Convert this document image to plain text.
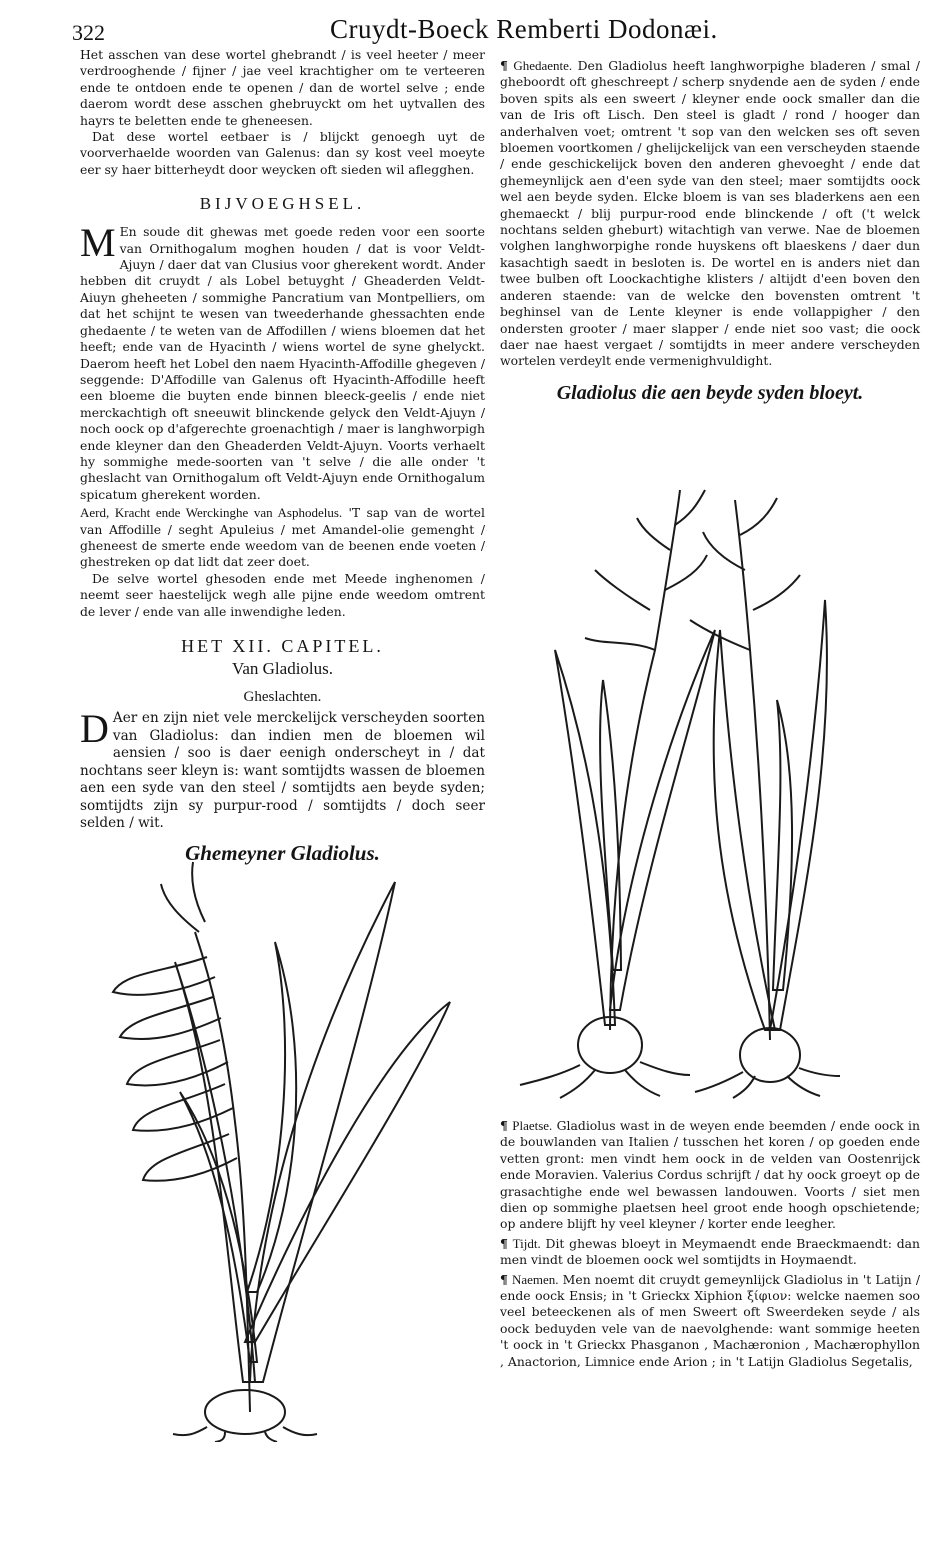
322	Cruydt-Boeck Remberti Dodonæi.

Het asschen van dese wortel ghebrandt / is veel heeter / meer verdrooghende / fijner / jae veel krachtigher om te verteeren ende te ontdoen ende te openen / dan de wortel selve ; ende daerom wordt dese asschen ghebruyckt om het uytvallen des hayrs te beletten ende te gheneesen.

Dat dese wortel eetbaer is / blijckt genoegh uyt de voorverhaelde woorden van Galenus: dan sy kost veel moeyte eer sy haer bitterheydt door weycken oft sieden wil aflegghen.

BIJVOEGHSEL.

M En soude dit ghewas met goede reden voor een soorte van Ornithogalum moghen houden / dat is voor Veldt-Ajuyn / daer dat van Clusius voor gherekent wordt. Ander hebben dit cruydt / als Lobel betuyght / Gheaderden Veldt-Aiuyn gheheeten / sommighe Pancratium van Montpelliers, om dat het schijnt te wesen van tweederhande ghessachten ende ghedaente / te weten van de Affodillen / wiens bloemen dat het heeft; ende van de Hyacinth / wiens wortel de syne ghelyckt. Daerom heeft het Lobel den naem Hyacinth-Affodille ghegeven / seggende: D'Affodille van Galenus oft Hyacinth-Affodille heeft een bloeme die buyten ende binnen bleeck-geelis / ende niet merckachtigh oft sneeuwit blinckende gelyck den Veldt-Ajuyn / noch oock op d'afgerechte groenachtigh / maer is langhworpigh ende kleyner dan den Gheaderden Veldt-Ajuyn. Voorts verhaelt hy sommighe mede-soorten van 't selve / die alle onder 't gheslacht van Ornithogalum oft Veldt-Ajuyn ende Ornithogalum spicatum gherekent worden.

Aerd, Kracht ende Werckinghe van Asphodelus. 'T sap van de wortel van Affodille / seght Apuleius / met Amandel-olie gemenght / gheneest de smerte ende weedom van de beenen ende voeten / ghestreken op dat lidt dat zeer doet.

De selve wortel ghesoden ende met Meede inghenomen / neemt seer haestelijck wegh alle pijne ende weedom omtrent de lever / ende van alle inwendighe leden.

HET XII. CAPITEL.
Van Gladiolus.
Gheslachten.

D Aer en zijn niet vele merckelijck verscheyden soorten van Gladiolus: dan indien men de bloemen wil aensien / soo is daer eenigh onderscheyt in / dat nochtans seer kleyn is: want somtijdts wassen de bloemen aen een syde van den steel / somtijdts aen beyde syden; somtijdts zijn sy purpur-rood / somtijdts / doch seer selden / wit.

Ghemeyner Gladiolus.

¶ Ghedaente. Den Gladiolus heeft langhworpighe bladeren / smal / gheboordt oft gheschreept / scherp snydende aen de syden / ende boven spits als een sweert / kleyner ende oock smaller dan die van de Iris oft Lisch. Den steel is gladt / rond / hooger dan anderhalven voet; omtrent 't sop van den welcken ses oft seven bloemen voortkomen / ghelijckelijck van een verscheyden staende / ende geschickelijck boven den anderen ghevoeght / ende dat ghemeynlijck aen d'een syde van den steel; maer somtijdts oock wel aen beyde syden. Elcke bloem is van ses bladerkens aen een ghemaeckt / blij purpur-rood ende blinckende / oft ('t welck nochtans selden gheburt) witachtigh van verwe. Nae de bloemen volghen langhworpighe ronde huyskens oft blaeskens / daer dun kasachtigh saedt in besloten is. De wortel en is anders niet dan twee bulben oft Loockachtighe klisters / altijdt d'een boven den anderen staende: van de welcke den bovensten omtrent 't beghinsel van de Lente kleyner is ende vollappigher / den ondersten grooter / maer slapper / ende niet soo vast; die oock daer nae haest vergaet / somtijdts in meer andere verscheyden wortelen verdeylt ende vermenighvuldight.

Gladiolus die aen beyde syden bloeyt.

¶ Plaetse. Gladiolus wast in de weyen ende beemden / ende oock in de bouwlanden van Italien / tusschen het koren / op goeden ende vetten gront: men vindt hem oock in de velden van Oostenrijck ende Moravien. Valerius Cordus schrijft / dat hy oock groeyt op de grasachtighe ende wel bewassen landouwen. Voorts / siet men dien op sommighe plaetsen heel groot ende hoogh opschietende; op andere blijft hy veel kleyner / korter ende leegher.

¶ Tijdt. Dit ghewas bloeyt in Meymaendt ende Braeckmaendt: dan men vindt de bloemen oock wel somtijdts in Hoymaendt.

¶ Naemen. Men noemt dit cruydt gemeynlijck Gladiolus in 't Latijn / ende oock Ensis; in 't Grieckx Xiphion ξίφιον: welcke naemen soo veel beteeckenen als of men Sweert oft Sweerdeken seyde / als oock beduyden vele van de naevolghende: want sommige heeten 't oock in 't Grieckx Phasganon , Machæronion , Machærophyllon , Anactorion, Limnice ende Arion ; in 't Latijn Gladiolus Segetalis,
